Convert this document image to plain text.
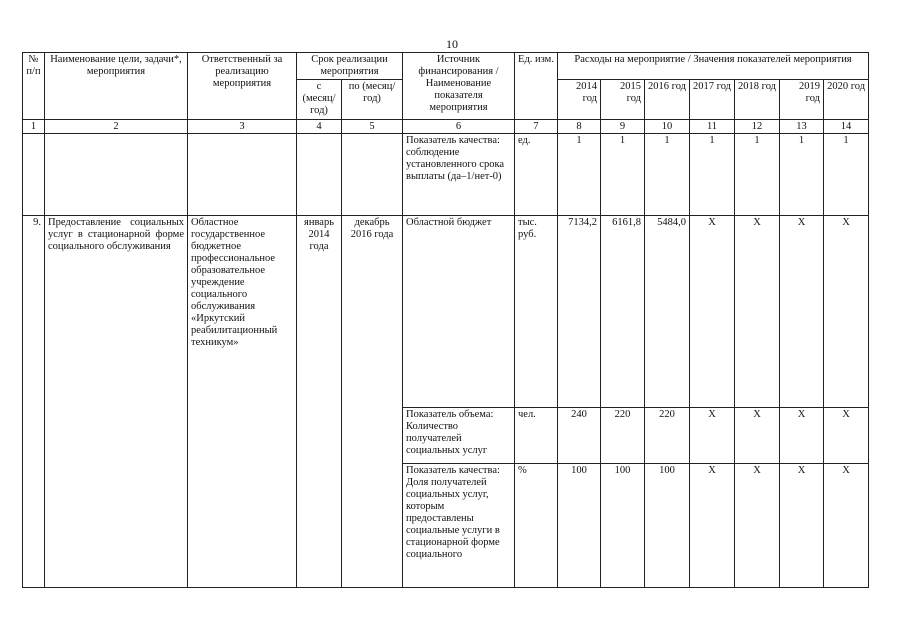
10
№ п/п	Наименование цели, задачи*, мероприятия	Ответственный за реализацию мероприятия	Срок реализации мероприятия		Источник финансирования / Наименование показателя мероприятия	Ед. изм.	Расходы на мероприятие / Значения показателей мероприятия						
			с (месяц/ год)	по (месяц/ год)			2014 год	2015 год	2016 год	2017 год	2018 год	2019 год	2020 год
1	2	3	4	5	6	7	8	9	10	11	12	13	14
					Показатель качества: соблюдение установленного срока выплаты (да–1/нет-0)	ед.	1	1	1	1	1	1	1
9.	Предоставление социальных услуг в стационарной форме социального обслуживания	Областное государственное бюджетное профессиональное образовательное учреждение социального обслуживания «Иркутский реабилитационный техникум»	январь 2014 года	декабрь 2016 года	Областной бюджет	тыс. руб.	7134,2	6161,8	5484,0	X	X	X	X
					Показатель объема: Количество получателей социальных услуг	чел.	240	220	220	X	X	X	X
					Показатель качества: Доля получателей социальных услуг, которым предоставлены социальные услуги в стационарной форме социального	%	100	100	100	X	X	X	X
